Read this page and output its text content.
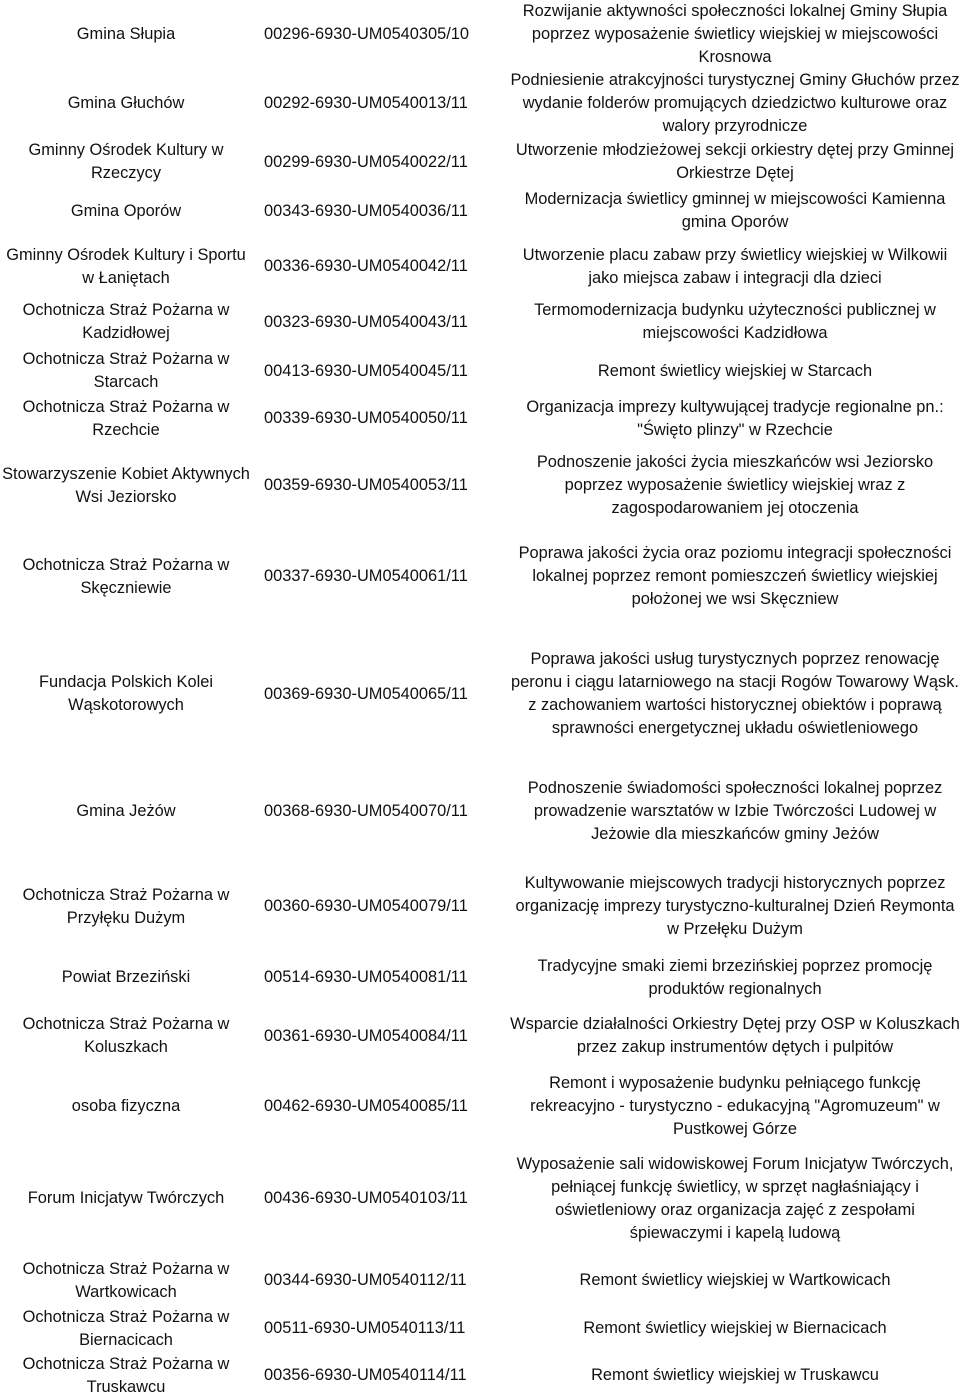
Gmina Słupia	00296-6930-UM0540305/10	Rozwijanie aktywności społeczności lokalnej Gminy Słupia poprzez wyposażenie świetlicy wiejskiej w miejscowości Krosnowa
Gmina Głuchów	00292-6930-UM0540013/11	Podniesienie atrakcyjności turystycznej Gminy Głuchów przez wydanie folderów promujących dziedzictwo kulturowe oraz walory przyrodnicze
Gminny Ośrodek Kultury w Rzeczycy	00299-6930-UM0540022/11	Utworzenie młodzieżowej sekcji orkiestry dętej przy Gminnej Orkiestrze Dętej
Gmina Oporów	00343-6930-UM0540036/11	Modernizacja świetlicy gminnej w miejscowości Kamienna gmina Oporów
Gminny Ośrodek Kultury i Sportu w Łaniętach	00336-6930-UM0540042/11	Utworzenie placu zabaw przy świetlicy wiejskiej w Wilkowii jako miejsca zabaw i integracji dla dzieci
Ochotnicza Straż Pożarna w Kadzidłowej	00323-6930-UM0540043/11	Termomodernizacja budynku użyteczności publicznej w miejscowości Kadzidłowa
Ochotnicza Straż Pożarna w Starcach	00413-6930-UM0540045/11	Remont świetlicy wiejskiej w Starcach
Ochotnicza Straż Pożarna w Rzechcie	00339-6930-UM0540050/11	Organizacja imprezy kultywującej tradycje regionalne pn.: "Święto plinzy" w Rzechcie
Stowarzyszenie Kobiet Aktywnych Wsi Jeziorsko	00359-6930-UM0540053/11	Podnoszenie jakości życia mieszkańców wsi Jeziorsko poprzez wyposażenie świetlicy wiejskiej wraz z zagospodarowaniem jej otoczenia
Ochotnicza Straż Pożarna w Skęczniewie	00337-6930-UM0540061/11	Poprawa jakości życia oraz poziomu integracji społeczności lokalnej poprzez remont pomieszczeń świetlicy wiejskiej położonej we wsi Skęczniew
Fundacja Polskich Kolei Wąskotorowych	00369-6930-UM0540065/11	Poprawa jakości usług turystycznych poprzez renowację peronu i ciągu latarniowego na stacji Rogów Towarowy Wąsk. z zachowaniem wartości historycznej obiektów i poprawą sprawności energetycznej układu oświetleniowego
Gmina Jeżów	00368-6930-UM0540070/11	Podnoszenie świadomości społeczności lokalnej poprzez prowadzenie warsztatów w Izbie Twórczości Ludowej w Jeżowie dla mieszkańców gminy Jeżów
Ochotnicza Straż Pożarna w Przyłęku Dużym	00360-6930-UM0540079/11	Kultywowanie miejscowych tradycji historycznych poprzez organizację imprezy turystyczno-kulturalnej Dzień Reymonta w Przełęku Dużym
Powiat Brzeziński	00514-6930-UM0540081/11	Tradycyjne smaki ziemi brzezińskiej poprzez promocję produktów regionalnych
Ochotnicza Straż Pożarna w Koluszkach	00361-6930-UM0540084/11	Wsparcie działalności Orkiestry Dętej przy OSP w Koluszkach przez zakup instrumentów dętych i pulpitów
osoba fizyczna	00462-6930-UM0540085/11	Remont i wyposażenie budynku pełniącego funkcję rekreacyjno - turystyczno - edukacyjną "Agromuzeum" w Pustkowej Górze
Forum Inicjatyw Twórczych	00436-6930-UM0540103/11	Wyposażenie sali widowiskowej Forum Inicjatyw Twórczych, pełniącej funkcję świetlicy, w sprzęt nagłaśniający i oświetleniowy oraz organizacja zajęć z zespołami śpiewaczymi i kapelą ludową
Ochotnicza Straż Pożarna w Wartkowicach	00344-6930-UM0540112/11	Remont świetlicy wiejskiej w Wartkowicach
Ochotnicza Straż Pożarna w Biernacicach	00511-6930-UM0540113/11	Remont świetlicy wiejskiej w Biernacicach
Ochotnicza Straż Pożarna w Truskawcu	00356-6930-UM0540114/11	Remont świetlicy wiejskiej w Truskawcu
